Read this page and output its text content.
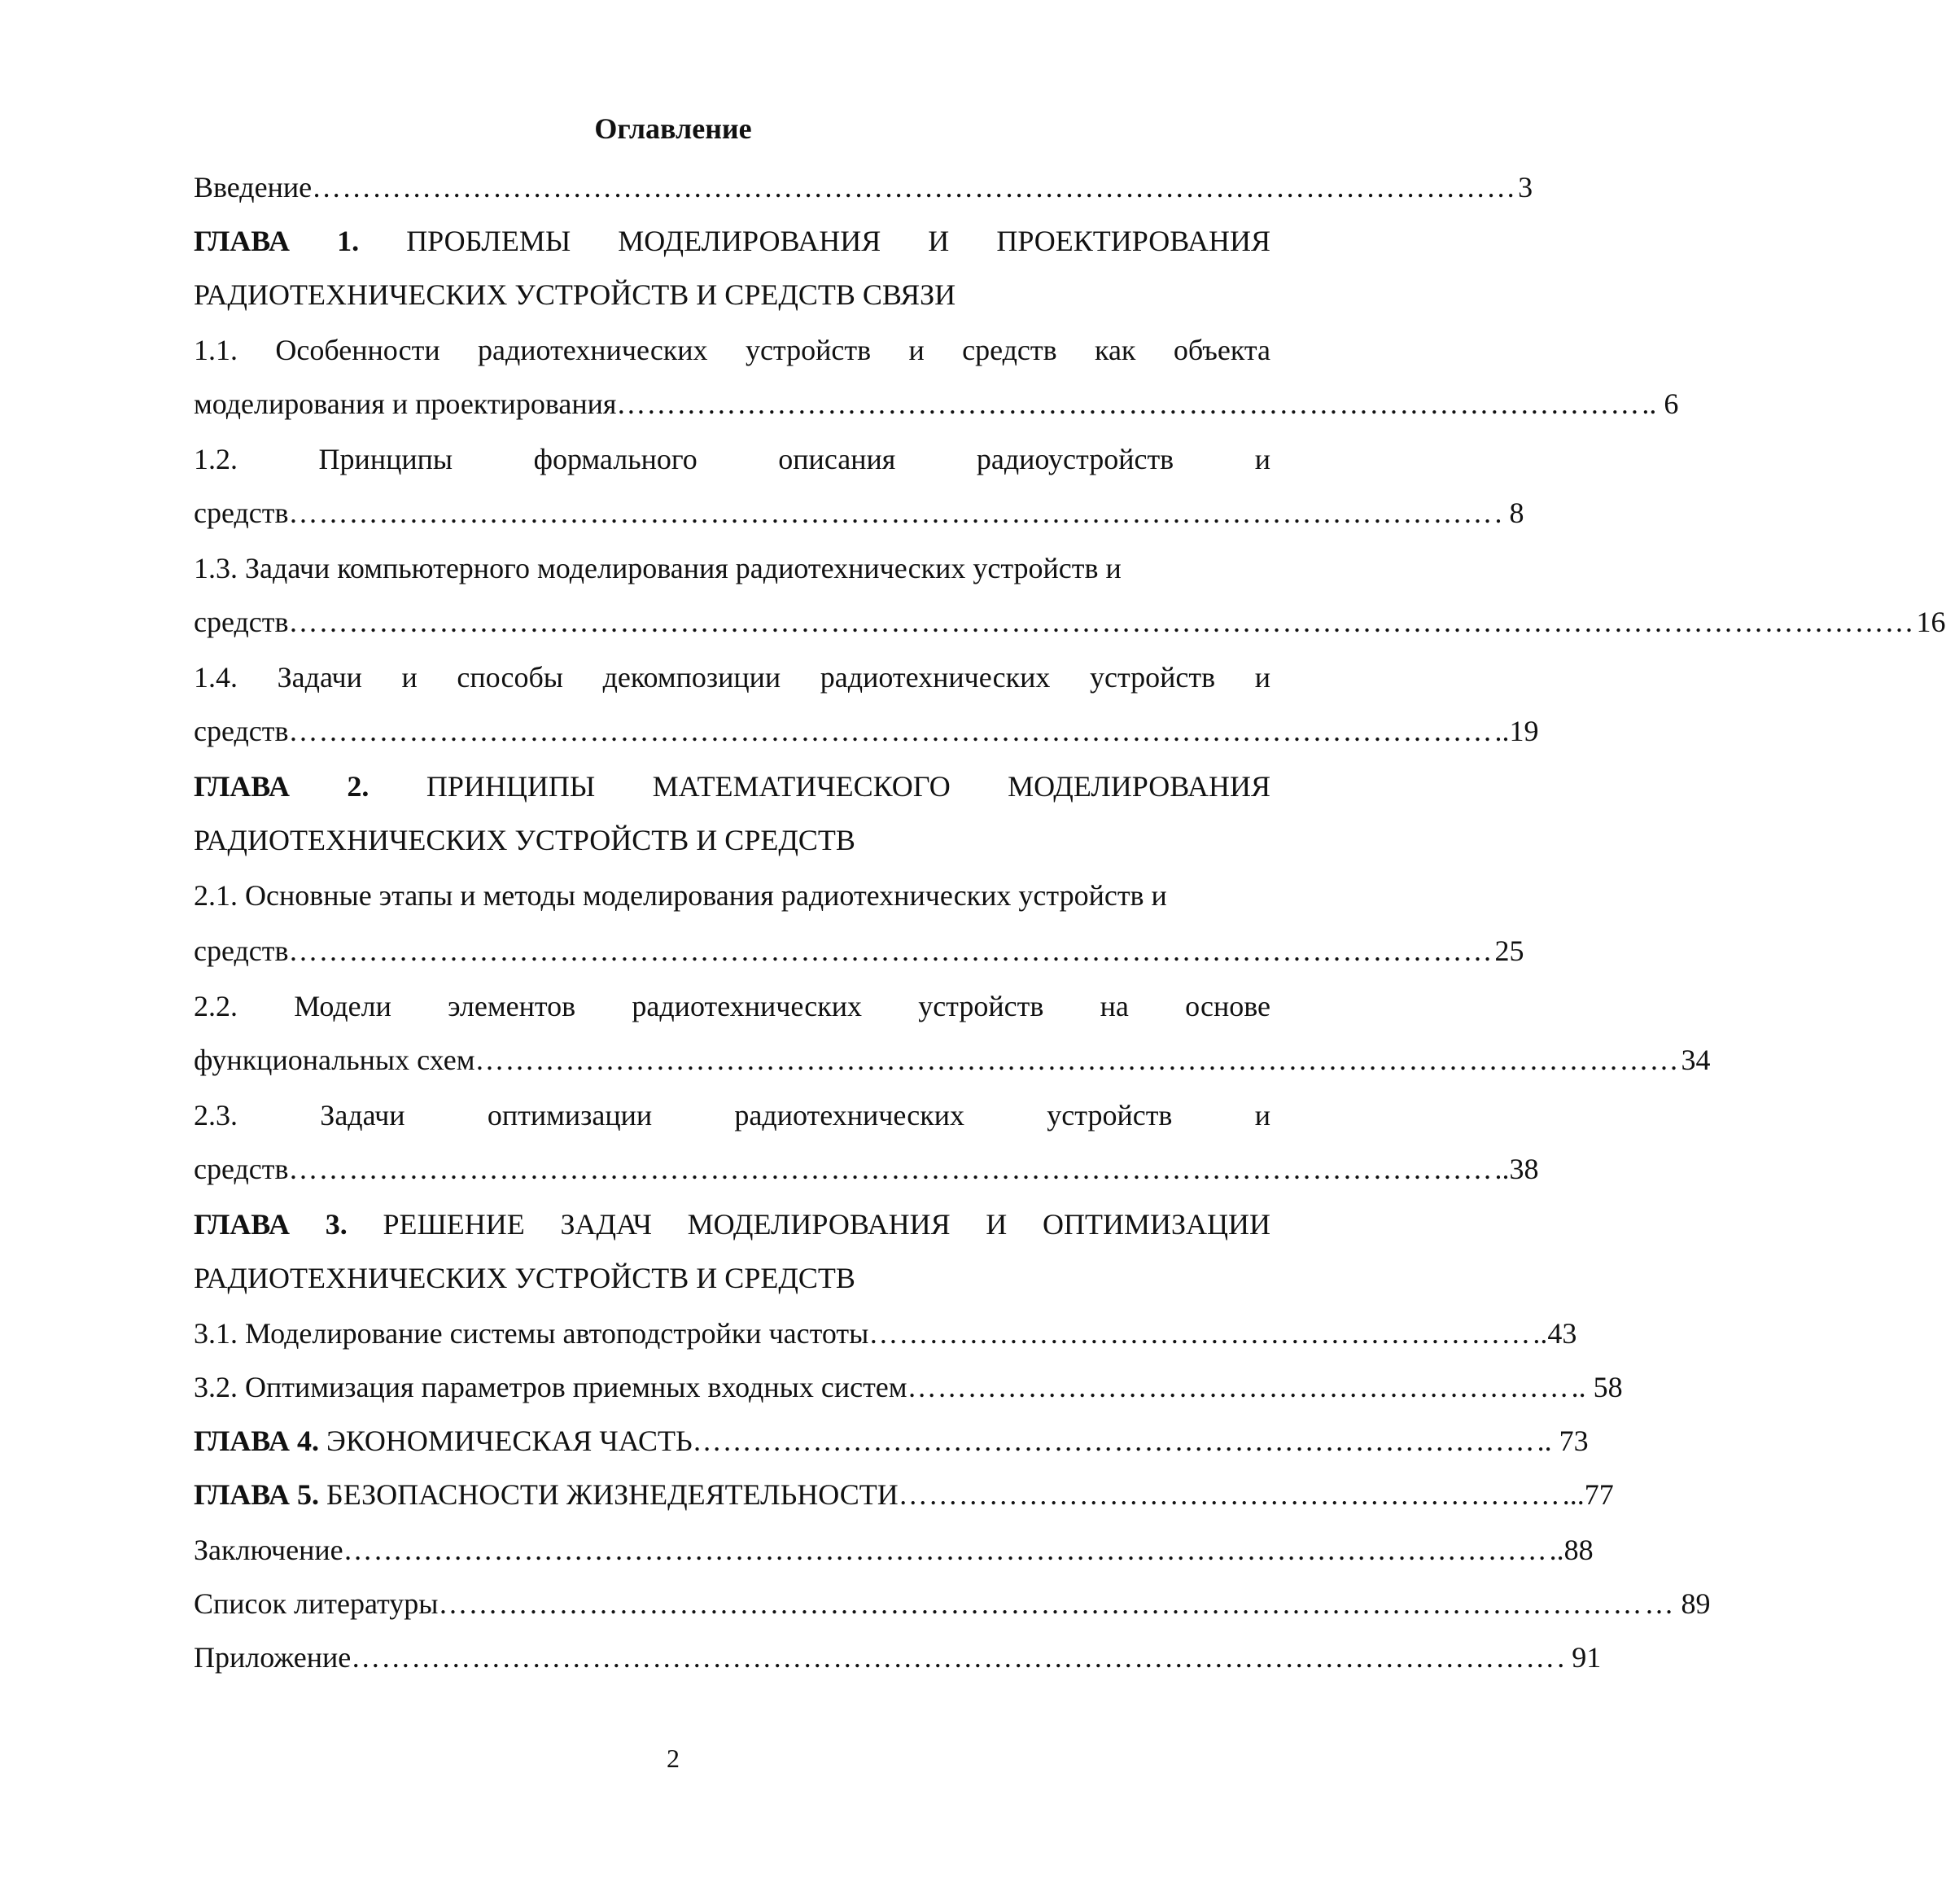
Оглавление
Введение ………………………………………………………………………………………………………… 3
ГЛАВА 1. ПРОБЛЕМЫ МОДЕЛИРОВАНИЯ И ПРОЕКТИРОВАНИЯ
РАДИОТЕХНИЧЕСКИХ УСТРОЙСТВ И СРЕДСТВ СВЯЗИ
1.1. Особенности радиотехнических устройств и средств как объекта
моделирования и проектирования ………………………………………………………………………………………… .. 6
1.2. Принципы формального описания радиоустройств и
средств ………………………………………………………………………………………………………… . 8
1.3. Задачи компьютерного моделирования радиотехнических устройств и
средств ……………………………………………………………………………………………………………………………………………… 16
1.4. Задачи и способы декомпозиции радиотехнических устройств и
средств ………………………………………………………………………………………………………… ..19
ГЛАВА 2. ПРИНЦИПЫ МАТЕМАТИЧЕСКОГО МОДЕЛИРОВАНИЯ
РАДИОТЕХНИЧЕСКИХ УСТРОЙСТВ И СРЕДСТВ
2.1. Основные этапы и методы моделирования радиотехнических устройств и
средств ………………………………………………………………………………………………………… 25
2.2. Модели элементов радиотехнических устройств на основе
функциональных схем ………………………………………………………………………………………………………… 34
2.3. Задачи оптимизации радиотехнических устройств и
средств ………………………………………………………………………………………………………… ..38
ГЛАВА 3. РЕШЕНИЕ ЗАДАЧ МОДЕЛИРОВАНИЯ И ОПТИМИЗАЦИИ
РАДИОТЕХНИЧЕСКИХ УСТРОЙСТВ И СРЕДСТВ
3.1. Моделирование системы автоподстройки частоты ………………………………………………………… ..43
3.2. Оптимизация параметров приемных входных систем ………………………………………………………… .. 58
ГЛАВА 4. ЭКОНОМИЧЕСКАЯ ЧАСТЬ ………………………………………………………………………… .. 73
ГЛАВА 5. БЕЗОПАСНОСТИ ЖИЗНЕДЕЯТЕЛЬНОСТИ ………………………………………………………… ...77
Заключение ………………………………………………………………………………………………………… ..88
Список литературы ………………………………………………………………………………………………………… … 89
Приложение ………………………………………………………………………………………………………… . 91
2
